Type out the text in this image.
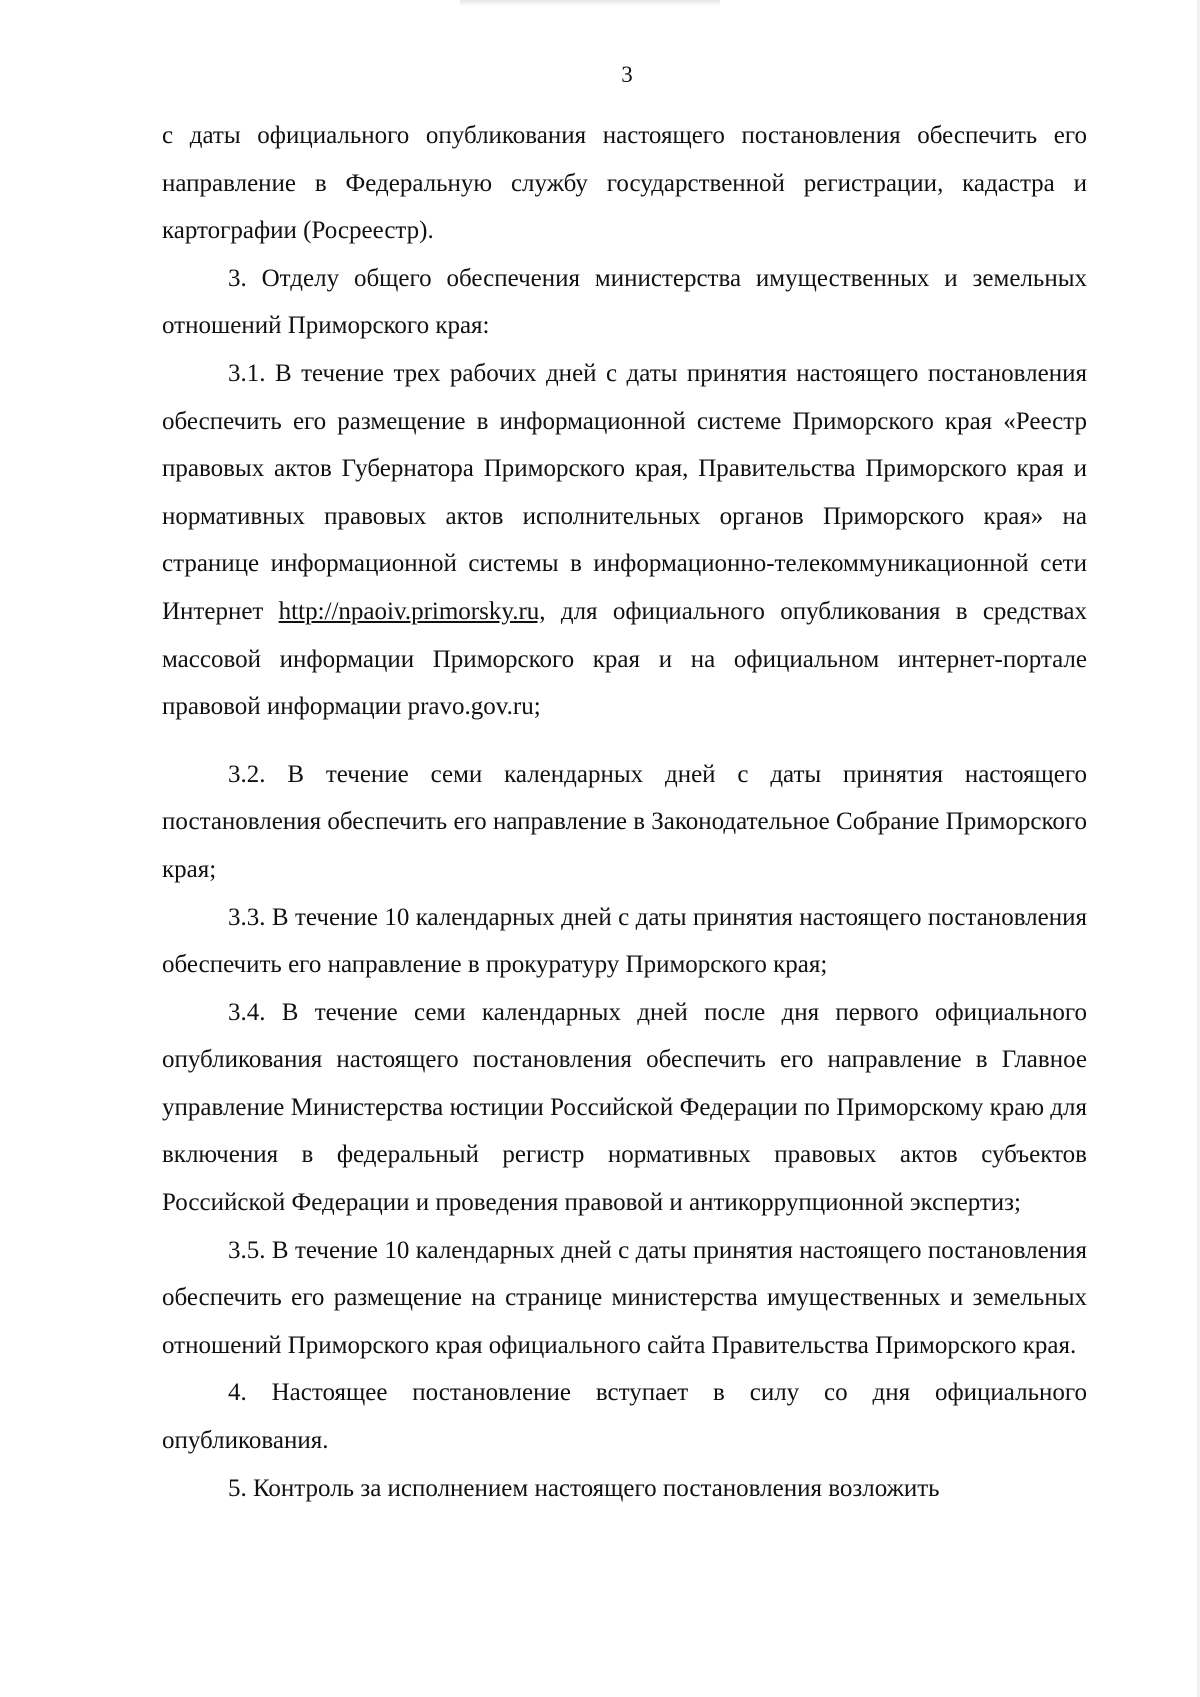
3

с даты официального опубликования настоящего постановления обеспечить его направление в Федеральную службу государственной регистрации, кадастра и картографии (Росреестр).

3. Отделу общего обеспечения министерства имущественных и земельных отношений Приморского края:

3.1. В течение трех рабочих дней с даты принятия настоящего постановления обеспечить его размещение в информационной системе Приморского края «Реестр правовых актов Губернатора Приморского края, Правительства Приморского края и нормативных правовых актов исполнительных органов Приморского края» на странице информационной системы в информационно-телекоммуникационной сети Интернет http://npaoiv.primorsky.ru, для официального опубликования в средствах массовой информации Приморского края и на официальном интернет-портале правовой информации pravo.gov.ru;

3.2. В течение семи календарных дней с даты принятия настоящего постановления обеспечить его направление в Законодательное Собрание Приморского края;

3.3. В течение 10 календарных дней с даты принятия настоящего постановления обеспечить его направление в прокуратуру Приморского края;

3.4. В течение семи календарных дней после дня первого официального опубликования настоящего постановления обеспечить его направление в Главное управление Министерства юстиции Российской Федерации по Приморскому краю для включения в федеральный регистр нормативных правовых актов субъектов Российской Федерации и проведения правовой и антикоррупционной экспертиз;

3.5. В течение 10 календарных дней с даты принятия настоящего постановления обеспечить его размещение на странице министерства имущественных и земельных отношений Приморского края официального сайта Правительства Приморского края.

4. Настоящее постановление вступает в силу со дня официального опубликования.

5. Контроль за исполнением настоящего постановления возложить
